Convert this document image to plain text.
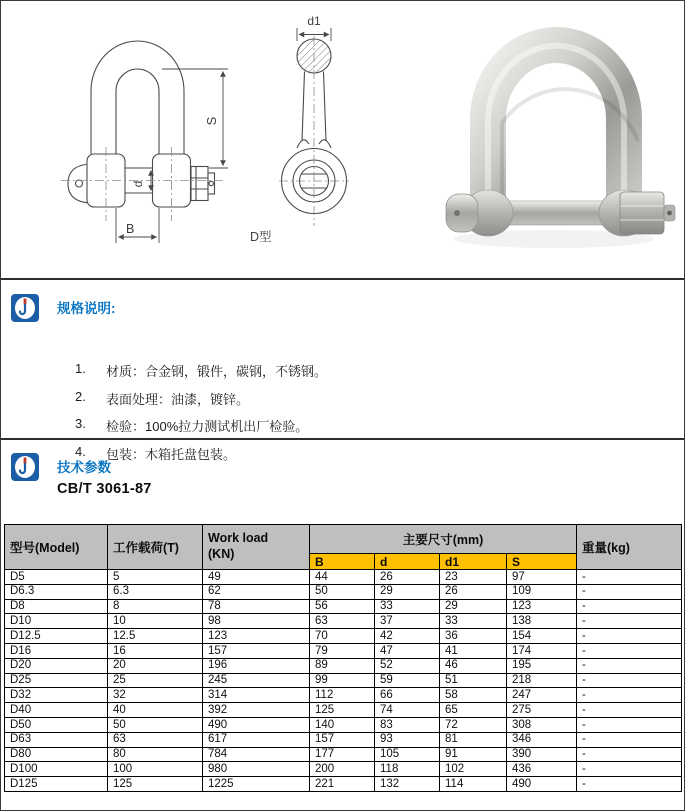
S
d
B
d1
D型
规格说明:
1.	材质：合金钢，锻件，碳钢，不锈钢。
2.	表面处理：油漆，镀锌。
3.	检验：100%拉力测试机出厂检验。
4.	包装：木箱托盘包装。
技术参数
CB/T 3061-87
型号(Model)	工作载荷(T)	Work load
(KN)	主要尺寸(mm)				重量(kg)
			B	d	d1	S	
D5	5	49	44	26	23	97	-
D6.3	6.3	62	50	29	26	109	-
D8	8	78	56	33	29	123	-
D10	10	98	63	37	33	138	-
D12.5	12.5	123	70	42	36	154	-
D16	16	157	79	47	41	174	-
D20	20	196	89	52	46	195	-
D25	25	245	99	59	51	218	-
D32	32	314	112	66	58	247	-
D40	40	392	125	74	65	275	-
D50	50	490	140	83	72	308	-
D63	63	617	157	93	81	346	-
D80	80	784	177	105	91	390	-
D100	100	980	200	118	102	436	-
D125	125	1225	221	132	114	490	-
